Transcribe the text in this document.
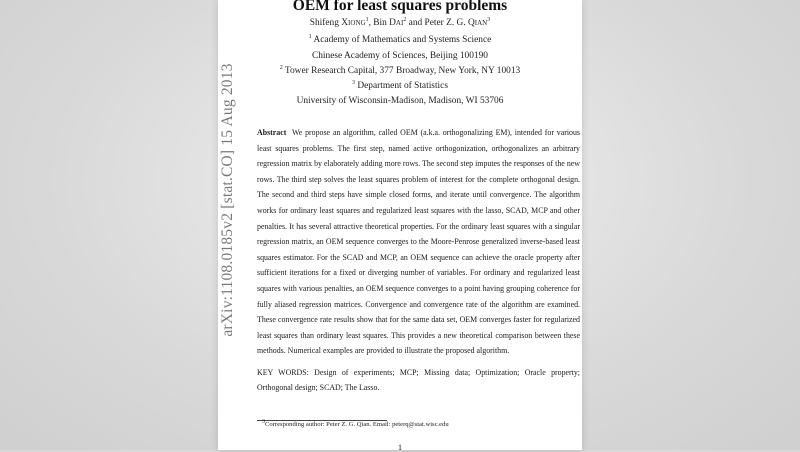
arXiv:1108.0185v2 [stat.CO] 15 Aug 2013
OEM for least squares problems
Shifeng Xiong$^1$, Bin Dai$^2$ and Peter Z. G. Qian$^3$
$^1$ Academy of Mathematics and Systems Science
Chinese Academy of Sciences, Beijing 100190
$^2$ Tower Research Capital, 377 Broadway, New York, NY 10013
$^3$ Department of Statistics
University of Wisconsin-Madison, Madison, WI 53706
Abstract We propose an algorithm, called OEM (a.k.a. orthogonalizing EM), intended for various least squares problems. The first step, named active orthogonization, orthogonalizes an arbitrary regression matrix by elaborately adding more rows. The second step imputes the responses of the new rows. The third step solves the least squares problem of interest for the complete orthogonal design. The second and third steps have simple closed forms, and iterate until convergence. The algorithm works for ordinary least squares and regularized least squares with the lasso, SCAD, MCP and other penalties. It has several attractive theoretical properties. For the ordinary least squares with a singular regression matrix, an OEM sequence converges to the Moore-Penrose generalized inverse-based least squares estimator. For the SCAD and MCP, an OEM sequence can achieve the oracle property after sufficient iterations for a fixed or diverging number of variables. For ordinary and regularized least squares with various penalties, an OEM sequence converges to a point having grouping coherence for fully aliased regression matrices. Convergence and convergence rate of the algorithm are examined. These convergence rate results show that for the same data set, OEM converges faster for regularized least squares than ordinary least squares. This provides a new theoretical comparison between these methods. Numerical examples are provided to illustrate the proposed algorithm.
KEY WORDS: Design of experiments; MCP; Missing data; Optimization; Oracle property; Orthogonal design; SCAD; The Lasso.
$^3$Corresponding author: Peter Z. G. Qian. Email: peterq@stat.wisc.edu
1
